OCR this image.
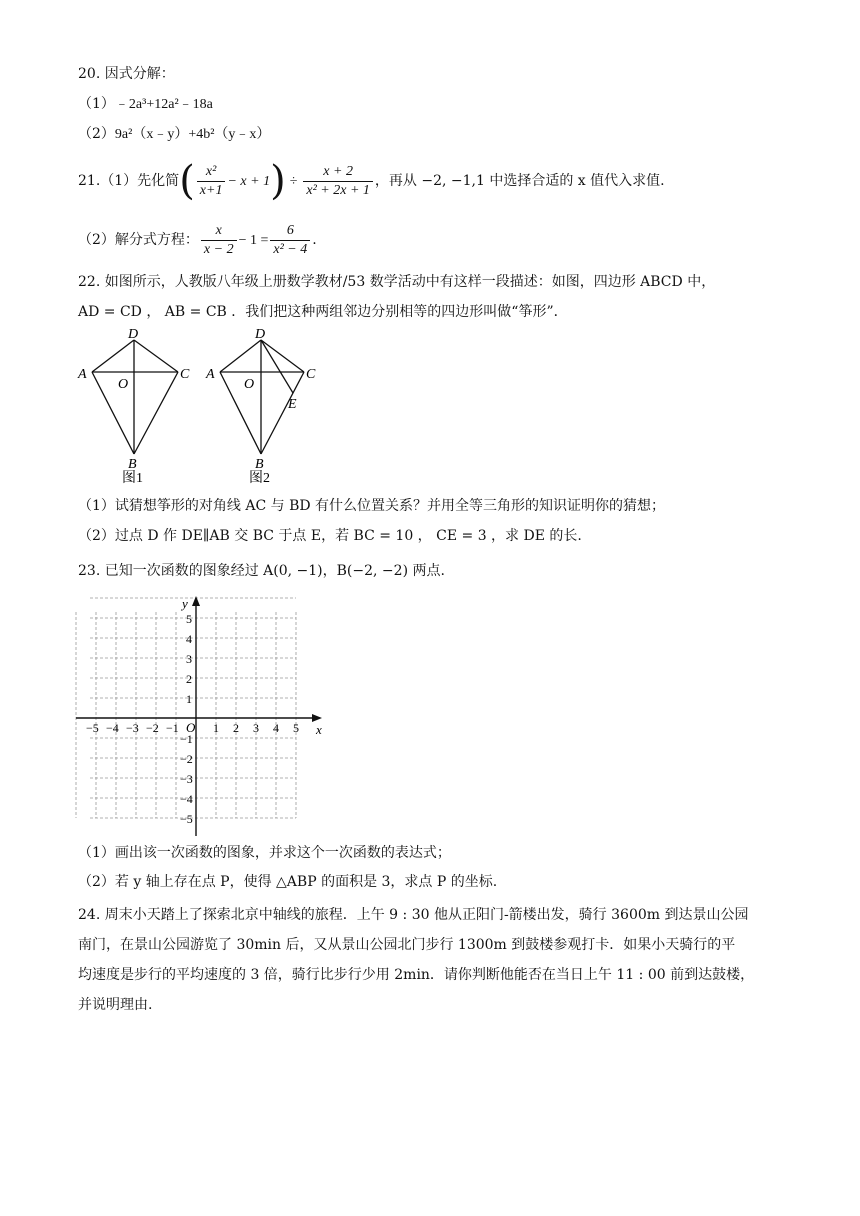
20. 因式分解：
（1）﹣2a³+12a²﹣18a
（2）9a²（x﹣y）+4b²（y﹣x）
21.（1）先化简( $\frac{\text{x²}}{x+1} - x + 1) \div \frac{x + 2}{\text{x² + 2x + 1}}$ ，再从 −2, −1,1 中选择合适的 x 值代入求值.
（2）解分式方程： $\frac{x}{x - 2} - 1 = \frac{6}{\text{x² − 4}}$ .
22. 如图所示，人教版八年级上册数学教材/53 数学活动中有这样一段描述：如图，四边形 ABCD 中，
AD = CD ， AB = CB ．我们把这种两组邻边分别相等的四边形叫做“筝形”．
D
A	C
O
B
图1
D
A	C
O
E
B
图2
（1）试猜想筝形的对角线 AC 与 BD 有什么位置关系？并用全等三角形的知识证明你的猜想；
（2）过点 D 作 DE∥AB 交 BC 于点 E，若 BC = 10 ， CE = 3 ，求 DE 的长.
23. 已知一次函数的图象经过 A(0, −1)，B(−2, −2) 两点.
x
y
O
−5 −4 −3 −2 −1	1 2 3 4 5
5
4
3
2
1
−1
−2
−3
−4
−5
（1）画出该一次函数的图象，并求这个一次函数的表达式；
（2）若 y 轴上存在点 P，使得 △ABP 的面积是 3，求点 P 的坐标.
24. 周末小天踏上了探索北京中轴线的旅程．上午 9 : 30 他从正阳门-箭楼出发，骑行 3600m 到达景山公园
南门，在景山公园游览了 30min 后，又从景山公园北门步行 1300m 到鼓楼参观打卡．如果小天骑行的平
均速度是步行的平均速度的 3 倍，骑行比步行少用 2min．请你判断他能否在当日上午 11 : 00 前到达鼓楼，
并说明理由.
